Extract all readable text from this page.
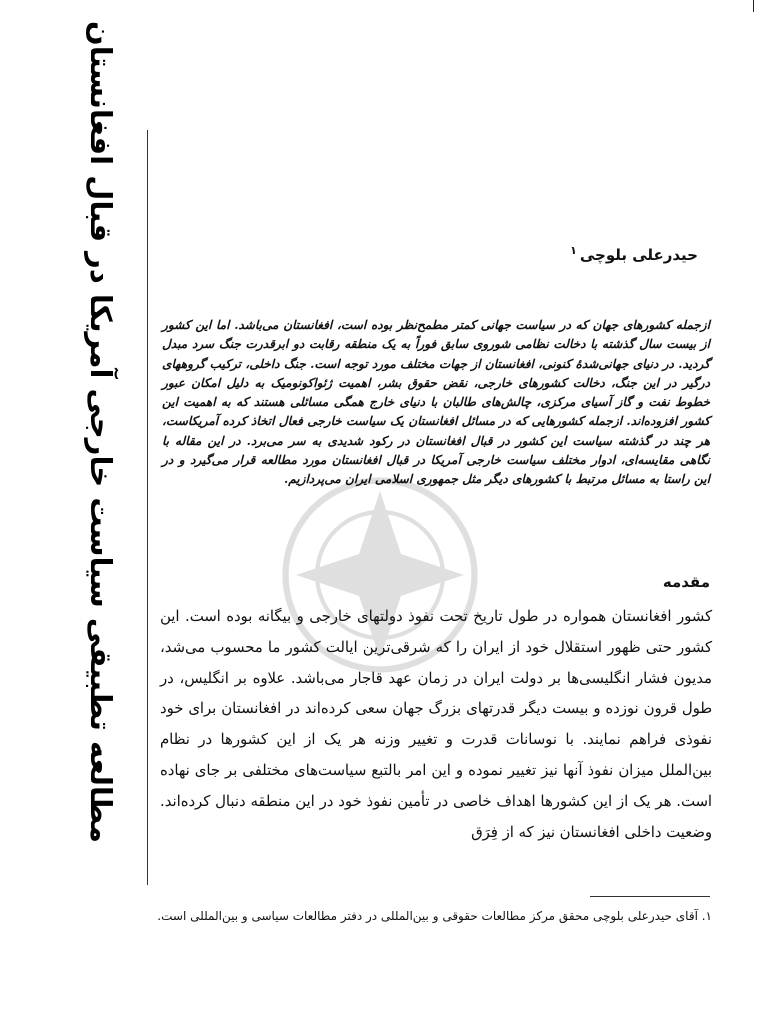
مطالعه تطبیقی سیاست خارجی آمریکا در قبال افغانستان	حیدرعلی بلوچی$^۱$

ازجمله کشورهای جهان که در سیاست جهانی کمتر مطمح‌نظر بوده است، افغانستان می‌باشد. اما این کشور از بیست سال گذشته با دخالت نظامی شوروی سابق فوراً به یک منطقه رقابت دو ابرقدرت جنگ سرد مبدل گردید. در دنیای جهانی‌شدهٔ کنونی، افغانستان از جهات مختلف مورد توجه است. جنگ داخلی، ترکیب گروههای درگیر در این جنگ، دخالت کشورهای خارجی، نقض حقوق بشر، اهمیت ژئواکونومیک به دلیل امکان عبور خطوط نفت و گاز آسیای مرکزی، چالش‌های طالبان با دنیای خارج همگی مسائلی هستند که به اهمیت این کشور افزوده‌اند. ازجمله کشورهایی که در مسائل افغانستان یک سیاست خارجی فعال اتخاذ کرده آمریکاست، هر چند در گذشته سیاست این کشور در قبال افغانستان در رکود شدیدی به سر می‌برد. در این مقاله با نگاهی مقایسه‌ای، ادوار مختلف سیاست خارجی آمریکا در قبال افغانستان مورد مطالعه قرار می‌گیرد و در این راستا به مسائل مرتبط با کشورهای دیگر مثل جمهوری اسلامی ایران می‌پردازیم.

مقدمه

کشور افغانستان همواره در طول تاریخ تحت نفوذ دولتهای خارجی و بیگانه بوده است. این کشور حتی ظهور استقلال خود از ایران را که شرقی‌ترین ایالت کشور ما محسوب می‌شد، مدیون فشار انگلیسی‌ها بر دولت ایران در زمان عهد قاجار می‌باشد. علاوه بر انگلیس، در طول قرون نوزده و بیست دیگر قدرتهای بزرگ جهان سعی کرده‌اند در افغانستان برای خود نفوذی فراهم نمایند. با نوسانات قدرت و تغییر وزنه هر یک از این کشورها در نظام بین‌الملل میزان نفوذ آنها نیز تغییر نموده و این امر بالتبع سیاست‌های مختلفی بر جای نهاده است. هر یک از این کشورها اهداف خاصی در تأمین نفوذ خود در این منطقه دنبال کرده‌اند. وضعیت داخلی افغانستان نیز که از فِرَق

۱. آقای حیدرعلی بلوچی محقق مرکز مطالعات حقوقی و بین‌المللی در دفتر مطالعات سیاسی و بین‌المللی است.
